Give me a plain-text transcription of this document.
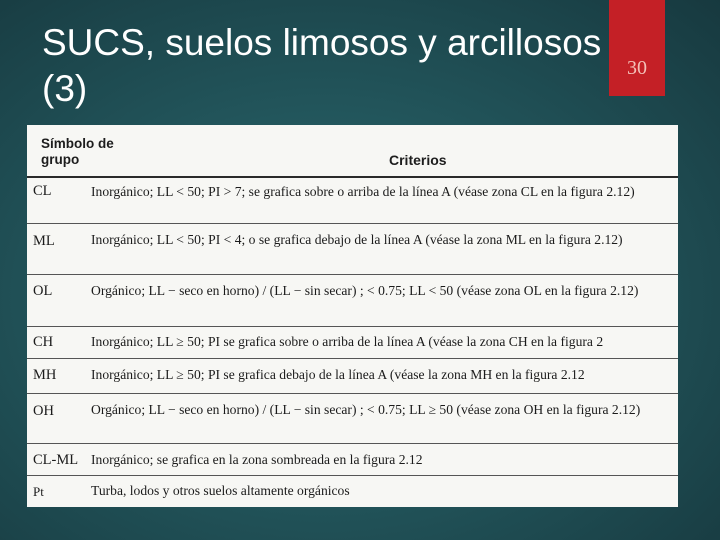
SUCS, suelos limosos y arcillosos (3)	30
Símbolo de grupo	Criterios
CL	Inorgánico; LL < 50; PI > 7; se grafica sobre o arriba de la línea A (véase zona CL en la figura 2.12)
ML	Inorgánico; LL < 50; PI < 4; o se grafica debajo de la línea A (véase la zona ML en la figura 2.12)
OL	Orgánico; LL − seco en horno) / (LL − sin secar) ; < 0.75; LL < 50 (véase zona OL en la figura 2.12)
CH	Inorgánico; LL ≥ 50; PI se grafica sobre o arriba de la línea A (véase la zona CH en la figura 2
MH	Inorgánico; LL ≥ 50; PI se grafica debajo de la línea A (véase la zona MH en la figura 2.12
OH	Orgánico; LL − seco en horno) / (LL − sin secar) ; < 0.75; LL ≥ 50 (véase zona OH en la figura 2.12)
CL-ML Inorgánico; se grafica en la zona sombreada en la figura 2.12
Pt	Turba, lodos y otros suelos altamente orgánicos
